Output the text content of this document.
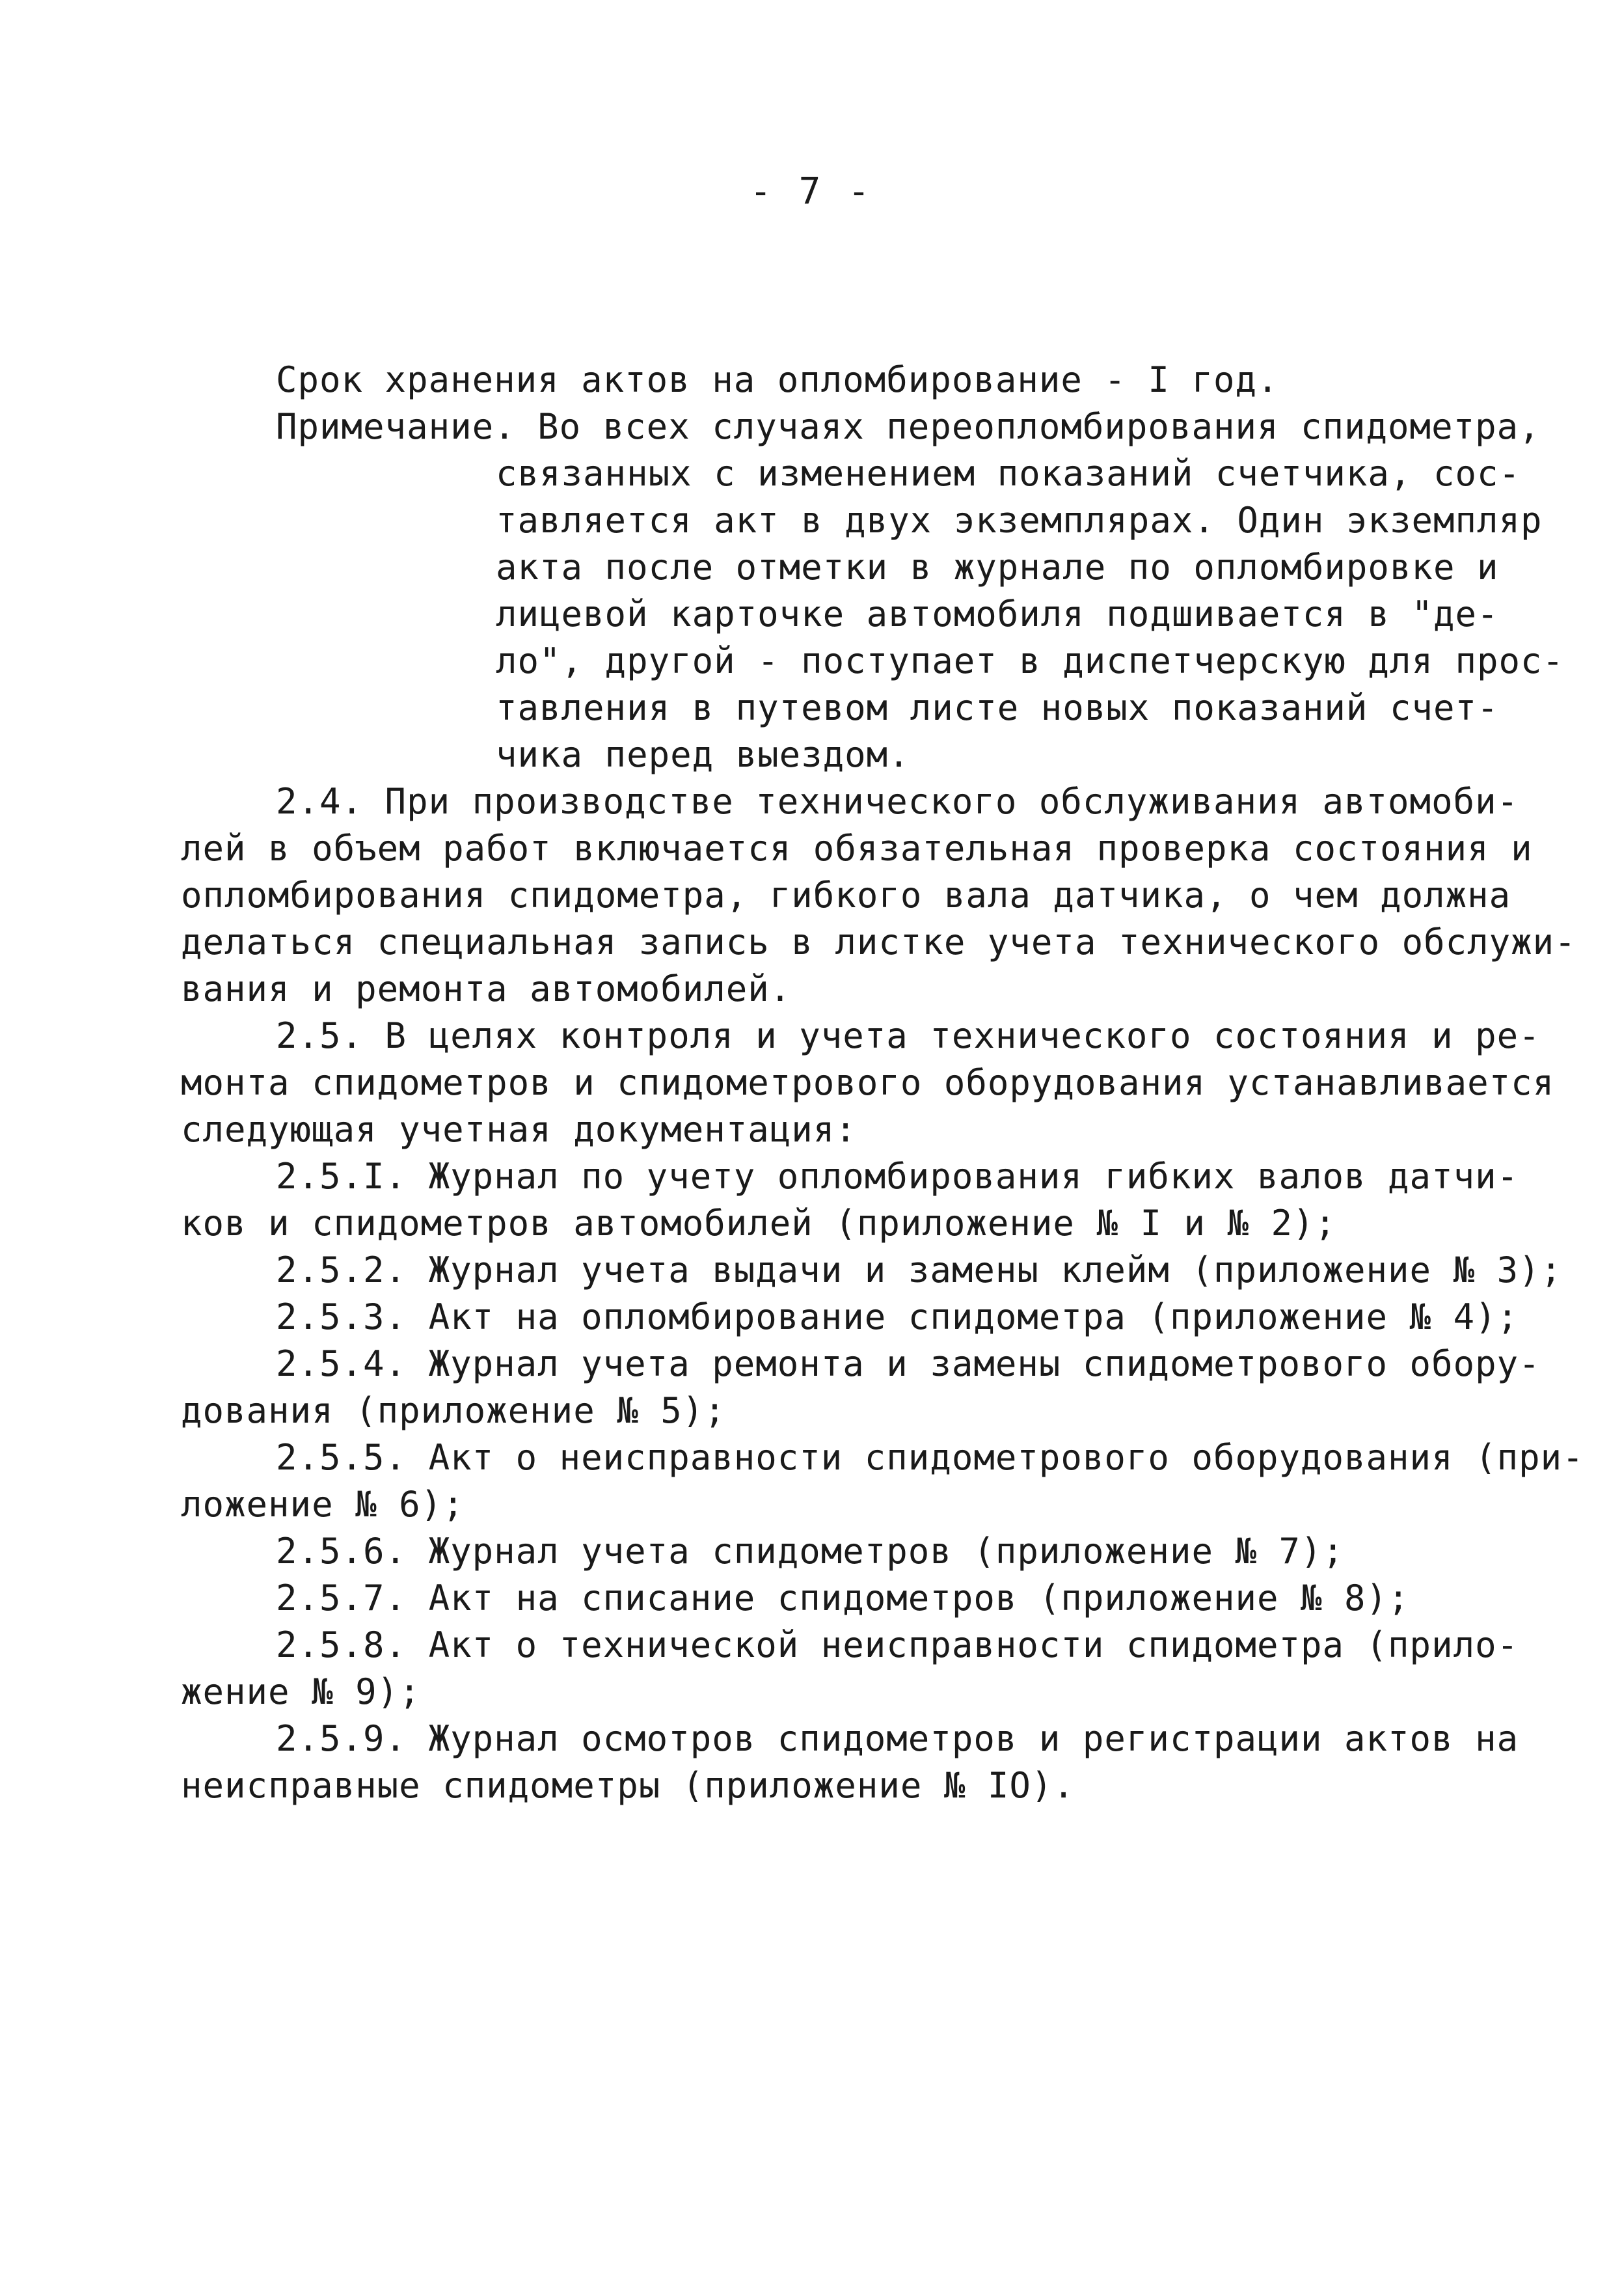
- 7 -
Срок хранения актов на опломбирование - I год.
Примечание. Во всех случаях переопломбирования спидометра,
связанных с изменением показаний счетчика, сос-
тавляется акт в двух экземплярах. Один экземпляр
акта после отметки в журнале по опломбировке и
лицевой карточке автомобиля подшивается в "де-
ло", другой - поступает в диспетчерскую для прос-
тавления в путевом листе новых показаний счет-
чика перед выездом.
2.4. При производстве технического обслуживания автомоби-
лей в объем работ включается обязательная проверка состояния и
опломбирования спидометра, гибкого вала датчика, о чем должна
делаться специальная запись в листке учета технического обслужи-
вания и ремонта автомобилей.
2.5. В целях контроля и учета технического состояния и ре-
монта спидометров и спидометрового оборудования устанавливается
следующая учетная документация:
2.5.I. Журнал по учету опломбирования гибких валов датчи-
ков и спидометров автомобилей (приложение № I и № 2);
2.5.2. Журнал учета выдачи и замены клейм (приложение № 3);
2.5.3. Акт на опломбирование спидометра (приложение № 4);
2.5.4. Журнал учета ремонта и замены спидометрового обору-
дования (приложение № 5);
2.5.5. Акт о неисправности спидометрового оборудования (при-
ложение № 6);
2.5.6. Журнал учета спидометров (приложение № 7);
2.5.7. Акт на списание спидометров (приложение № 8);
2.5.8. Акт о технической неисправности спидометра (прило-
жение № 9);
2.5.9. Журнал осмотров спидометров и регистрации актов на
неисправные спидометры (приложение № IO).
